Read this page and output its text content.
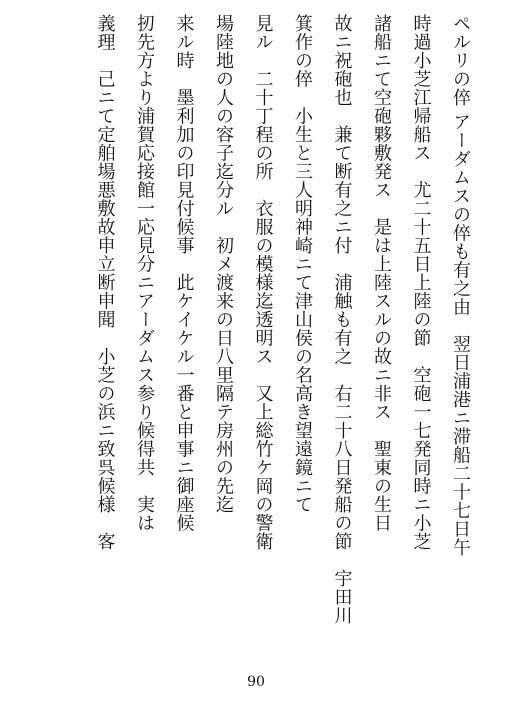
ペルリの倅 アーダムスの倅も有之由　翌日浦港ニ滞船二十七日午
時過小芝江帰船ス　尤二十五日上陸の節　空砲一七発同時ニ小芝
諸船ニて空砲夥敷発ス　是は上陸スルの故ニ非ス　聖東の生日
故ニ祝砲也　兼て断有之ニ付　浦触も有之　右二十八日発船の節　宇田川
箕作の倅　小生と三人明神崎ニて津山侯の名高き望遠鏡ニて
見ル　二十丁程の所　衣服の模様迄透明ス　又上総竹ケ岡の警衛
場陸地の人の容子迄分ル　初メ渡来の日八里隔テ房州の先迄
来ル時　墨利加の印見付候事　此ケイケル一番と申事ニ御座候
扨先方より浦賀応接館一応見分ニアーダムス参り候得共　実は
義理　己ニて定舶場悪敷故申立断申聞　小芝の浜ニ致呉候様　客
90
